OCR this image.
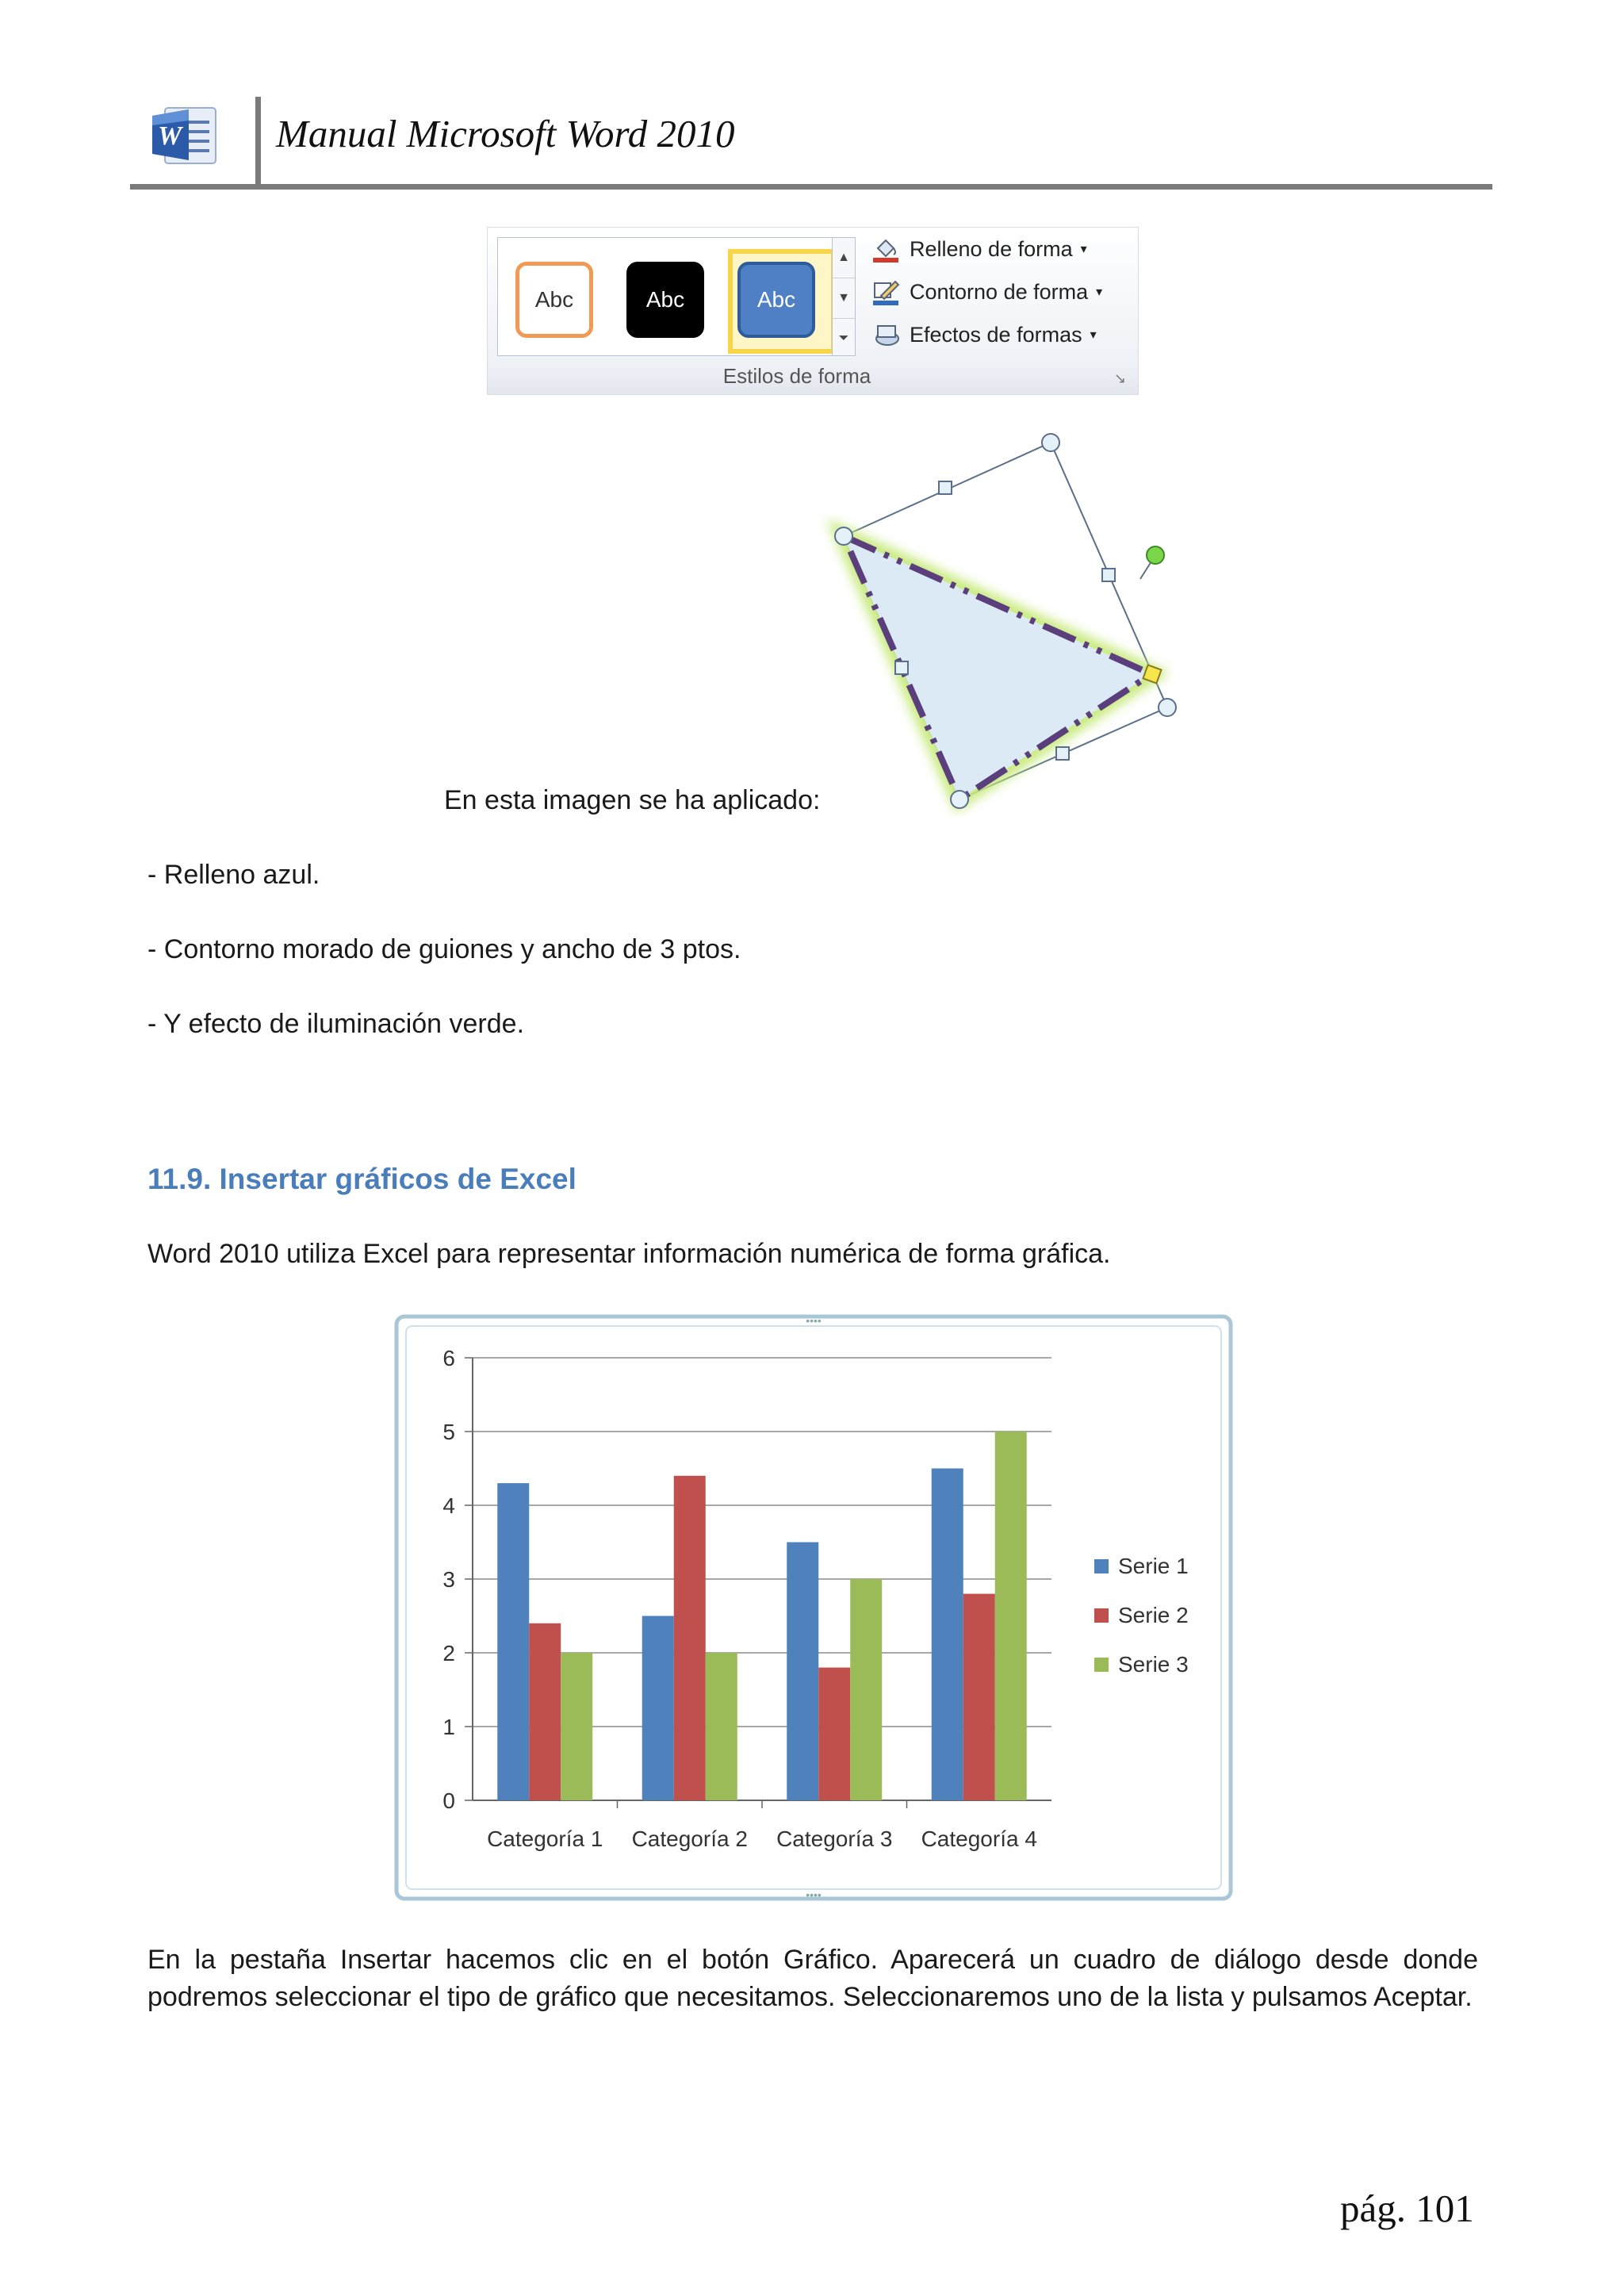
W Manual Microsoft Word 2010
Abc	Abc	Abc
▲
▼
⏷
Relleno de forma ▾
Contorno de forma ▾
Efectos de formas ▾
Estilos de forma	↘
En esta imagen se ha aplicado:
- Relleno azul.
- Contorno morado de guiones y ancho de 3 ptos.
- Y efecto de iluminación verde.
11.9. Insertar gráficos de Excel
Word 2010 utiliza Excel para representar información numérica de forma gráfica.
0
1
2
3
4
5
6
Categoría 1 Categoría 2 Categoría 3 Categoría 4
Serie 1
Serie 2
Serie 3
••••
••••
En la pestaña Insertar hacemos clic en el botón Gráfico. Aparecerá un cuadro de diálogo desde donde podremos seleccionar el tipo de gráfico que necesitamos. Seleccionaremos uno de la lista y pulsamos Aceptar.
pág. 101
